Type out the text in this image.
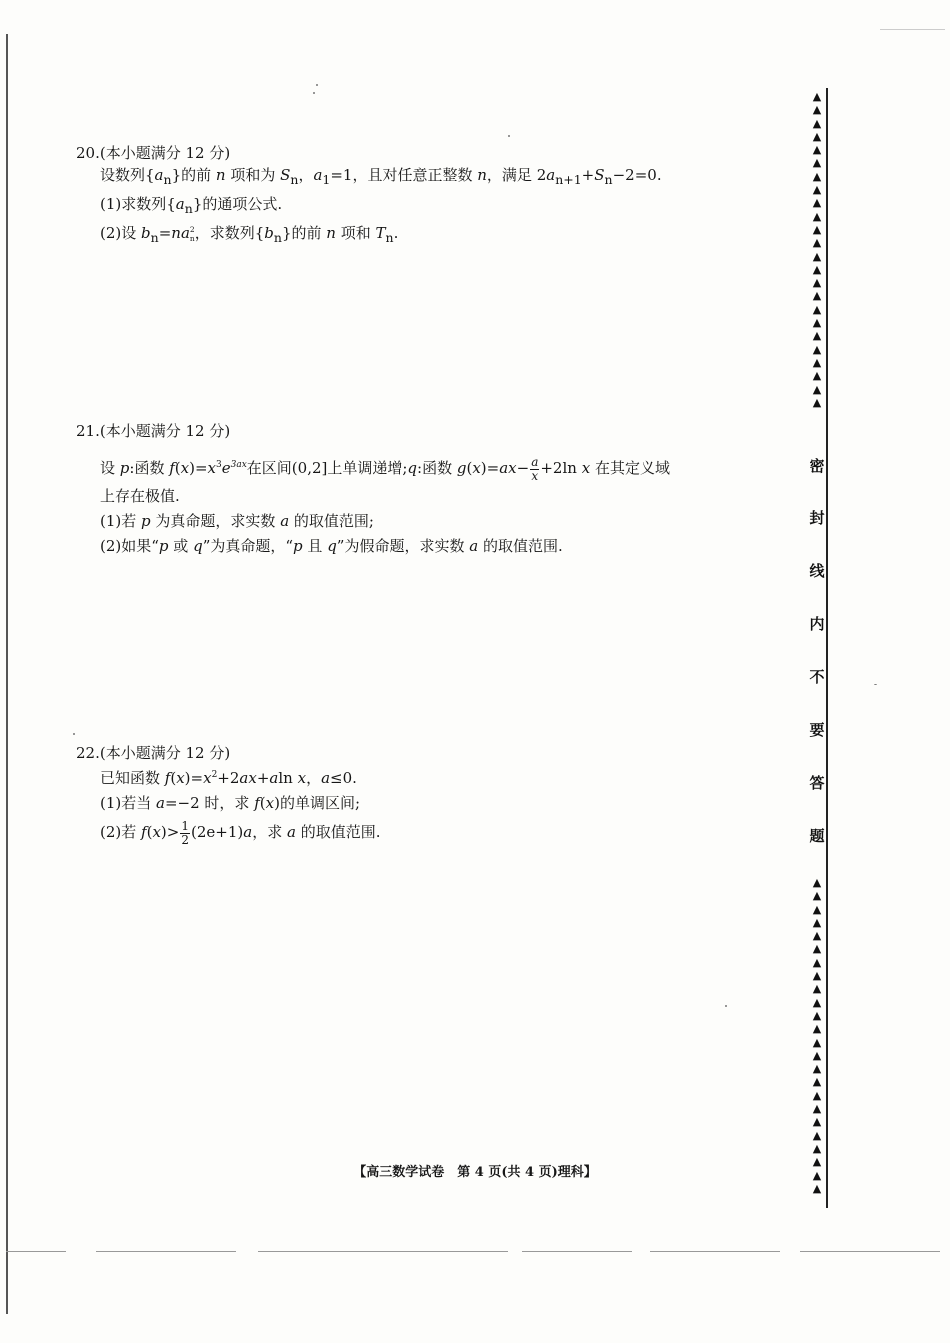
20.(本小题满分 12 分)
设数列$\{a_n\}$的前 n 项和为 $S_n$，$a_1=1$，且对任意正整数 n，满足 $2a_{n+1}+S_n-2=0$.
(1)求数列$\{a_n\}$的通项公式.
(2)设 $b_n=na$ 2
n ，求数列$\{b_n\}$的前 n 项和 $T_n$.
21.(本小题满分 12 分)
设 p:函数 $f(x)=x^3e^{3ax}$在区间(0,2]上单调递增;q:函数 $g(x)=ax- \frac{a}{x} +2\ln$ x 在其定义域
上存在极值.
(1)若 p 为真命题，求实数 a 的取值范围;
(2)如果“p 或 q”为真命题，“p 且 q”为假命题，求实数 a 的取值范围.
22.(本小题满分 12 分)
已知函数 $f(x)=x^2+2ax+aln$ x，a≤0.
(1)若当 a=−2 时，求 f(x)的单调区间;
(2)若 $f(x)> \frac{1}{2} (2e+1)a$，求 a 的取值范围.
▲
▲
▲
▲
▲
▲
▲
▲
▲
▲
▲
▲
▲
▲
▲
▲
▲
▲
▲
▲
▲
▲
▲
▲
▲
▲
▲
▲
▲
▲
▲
▲
▲
▲
▲
▲
▲
▲
▲
▲
▲
▲
▲
▲
▲
▲
▲
▲
密
封
线
内
不
要
答
题
【高三数学试卷　第 4 页(共 4 页)理科】
